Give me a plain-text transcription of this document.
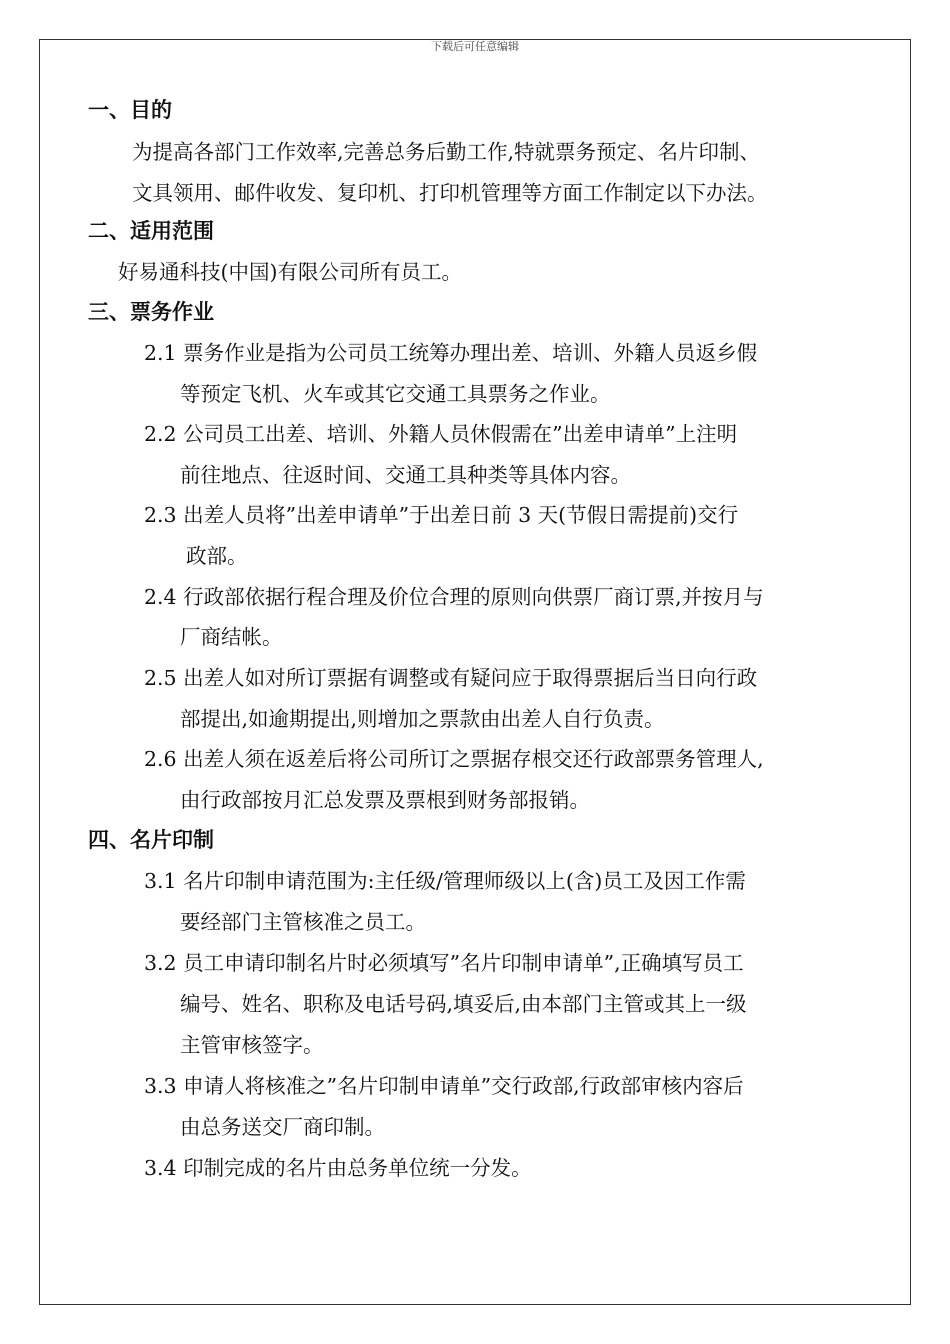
下载后可任意编辑
一、目的
为提高各部门工作效率,完善总务后勤工作,特就票务预定、名片印制、
文具领用、邮件收发、复印机、打印机管理等方面工作制定以下办法。
二、适用范围
好易通科技(中国)有限公司所有员工。
三、票务作业
2.1 票务作业是指为公司员工统筹办理出差、培训、外籍人员返乡假
等预定飞机、火车或其它交通工具票务之作业。
2.2 公司员工出差、培训、外籍人员休假需在”出差申请单”上注明
前往地点、往返时间、交通工具种类等具体内容。
2.3 出差人员将”出差申请单”于出差日前 3 天(节假日需提前)交行
政部。
2.4 行政部依据行程合理及价位合理的原则向供票厂商订票,并按月与
厂商结帐。
2.5 出差人如对所订票据有调整或有疑问应于取得票据后当日向行政
部提出,如逾期提出,则增加之票款由出差人自行负责。
2.6 出差人须在返差后将公司所订之票据存根交还行政部票务管理人,
由行政部按月汇总发票及票根到财务部报销。
四、名片印制
3.1 名片印制申请范围为:主任级/管理师级以上(含)员工及因工作需
要经部门主管核准之员工。
3.2 员工申请印制名片时必须填写”名片印制申请单”,正确填写员工
编号、姓名、职称及电话号码,填妥后,由本部门主管或其上一级
主管审核签字。
3.3 申请人将核准之”名片印制申请单”交行政部,行政部审核内容后
由总务送交厂商印制。
3.4 印制完成的名片由总务单位统一分发。
